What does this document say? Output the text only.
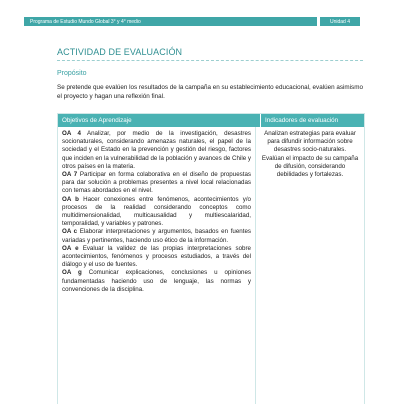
Programa de Estudio Mundo Global 3° y 4° medio	Unidad 4
ACTIVIDAD DE EVALUACIÓN
Propósito
Se pretende que evalúen los resultados de la campaña en su establecimiento educacional, evalúen asimismo el proyecto y hagan una reflexión final.
Objetivos de Aprendizaje	Indicadores de evaluación

OA 4 Analizar, por medio de la investigación, desastres socionaturales, considerando amenazas naturales, el papel de la sociedad y el Estado en la prevención y gestión del riesgo, factores que inciden en la vulnerabilidad de la población y avances de Chile y otros países en la materia.

OA 7 Participar en forma colaborativa en el diseño de propuestas para dar solución a problemas presentes a nivel local relacionadas con temas abordados en el nivel.

OA b Hacer conexiones entre fenómenos, acontecimientos y/o procesos de la realidad considerando conceptos como multidimensionalidad, multicausalidad y multiescalaridad, temporalidad, y variables y patrones.

OA c Elaborar interpretaciones y argumentos, basados en fuentes variadas y pertinentes, haciendo uso ético de la información.

OA e Evaluar la validez de las propias interpretaciones sobre acontecimientos, fenómenos y procesos estudiados, a través del diálogo y el uso de fuentes.

OA g Comunicar explicaciones, conclusiones u opiniones fundamentadas haciendo uso de lenguaje, las normas y convenciones de la disciplina.

Analizan estrategias para evaluar para difundir información sobre desastres socio-naturales.

Evalúan el impacto de su campaña de difusión, considerando debilidades y fortalezas.
